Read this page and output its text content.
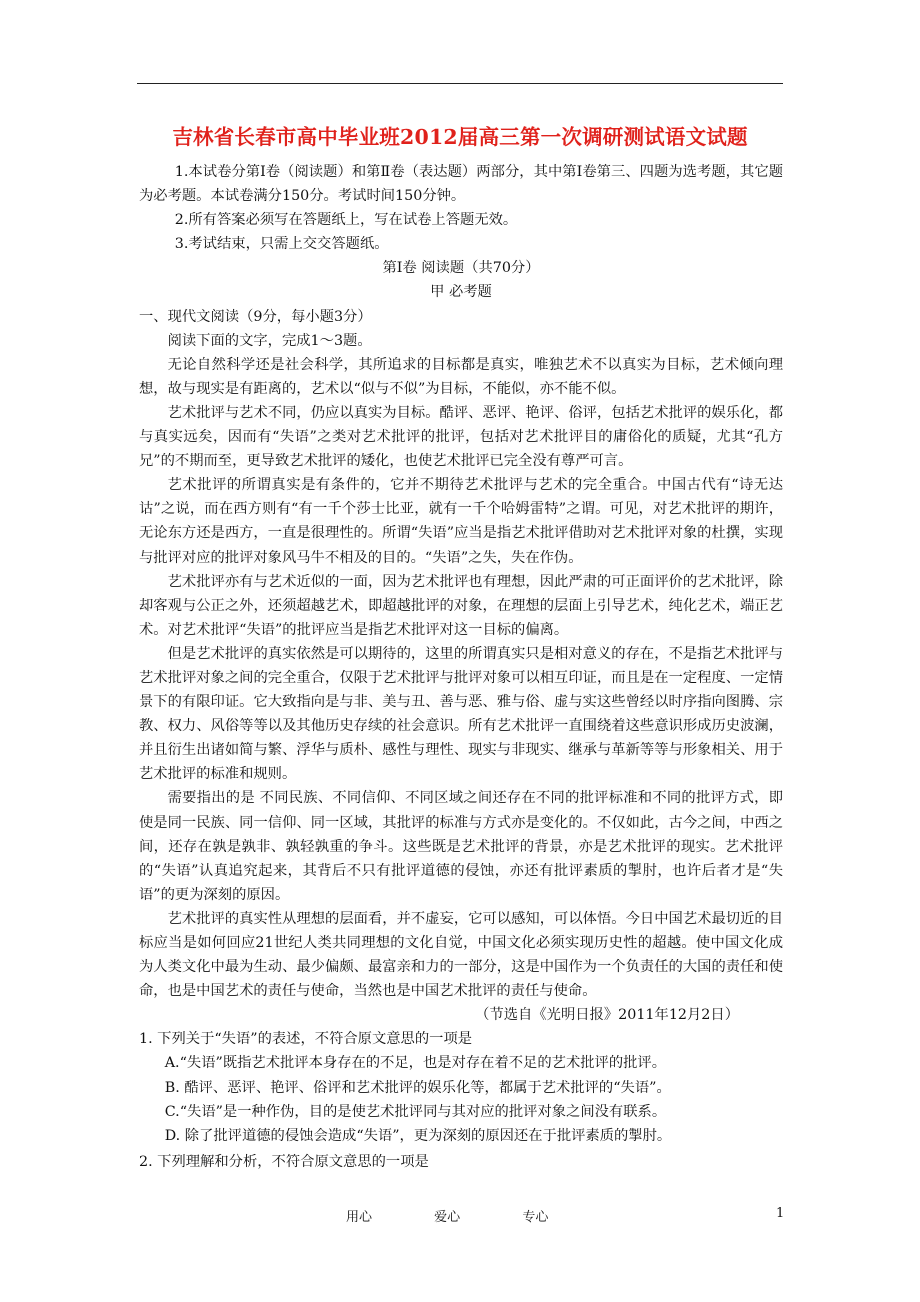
吉林省长春市高中毕业班2012届高三第一次调研测试语文试题

1.本试卷分第Ⅰ卷（阅读题）和第Ⅱ卷（表达题）两部分，其中第Ⅰ卷第三、四题为选考题，其它题为必考题。本试卷满分150分。考试时间150分钟。

2.所有答案必须写在答题纸上，写在试卷上答题无效。

3.考试结束，只需上交交答题纸。

第Ⅰ卷 阅读题（共70分）

甲 必考题

一、现代文阅读（9分，每小题3分）

阅读下面的文字，完成1～3题。

无论自然科学还是社会科学，其所追求的目标都是真实，唯独艺术不以真实为目标，艺术倾向理想，故与现实是有距离的，艺术以“似与不似”为目标，不能似，亦不能不似。

艺术批评与艺术不同，仍应以真实为目标。酷评、恶评、艳评、俗评，包括艺术批评的娱乐化，都与真实远矣，因而有“失语”之类对艺术批评的批评，包括对艺术批评目的庸俗化的质疑，尤其“孔方兄”的不期而至，更导致艺术批评的矮化，也使艺术批评已完全没有尊严可言。

艺术批评的所谓真实是有条件的，它并不期待艺术批评与艺术的完全重合。中国古代有“诗无达诂”之说，而在西方则有“有一千个莎士比亚，就有一千个哈姆雷特”之谓。可见，对艺术批评的期许，无论东方还是西方，一直是很理性的。所谓“失语”应当是指艺术批评借助对艺术批评对象的杜撰，实现与批评对应的批评对象风马牛不相及的目的。“失语”之失，失在作伪。

艺术批评亦有与艺术近似的一面，因为艺术批评也有理想，因此严肃的可正面评价的艺术批评，除却客观与公正之外，还须超越艺术，即超越批评的对象，在理想的层面上引导艺术，纯化艺术，端正艺术。对艺术批评“失语”的批评应当是指艺术批评对这一目标的偏离。

但是艺术批评的真实依然是可以期待的，这里的所谓真实只是相对意义的存在，不是指艺术批评与艺术批评对象之间的完全重合，仅限于艺术批评与批评对象可以相互印证，而且是在一定程度、一定情景下的有限印证。它大致指向是与非、美与丑、善与恶、雅与俗、虚与实这些曾经以时序指向图腾、宗教、权力、风俗等等以及其他历史存续的社会意识。所有艺术批评一直围绕着这些意识形成历史波澜，并且衍生出诸如简与繁、浮华与质朴、感性与理性、现实与非现实、继承与革新等等与形象相关、用于艺术批评的标准和规则。

需要指出的是 不同民族、不同信仰、不同区域之间还存在不同的批评标准和不同的批评方式，即使是同一民族、同一信仰、同一区域，其批评的标准与方式亦是变化的。不仅如此，古今之间，中西之间，还存在孰是孰非、孰轻孰重的争斗。这些既是艺术批评的背景，亦是艺术批评的现实。艺术批评的“失语”认真追究起来，其背后不只有批评道德的侵蚀，亦还有批评素质的掣肘，也许后者才是“失语”的更为深刻的原因。

艺术批评的真实性从理想的层面看，并不虚妄，它可以感知，可以体悟。今日中国艺术最切近的目标应当是如何回应21世纪人类共同理想的文化自觉，中国文化必须实现历史性的超越。使中国文化成为人类文化中最为生动、最少偏颇、最富亲和力的一部分，这是中国作为一个负责任的大国的责任和使命，也是中国艺术的责任与使命，当然也是中国艺术批评的责任与使命。

（节选自《光明日报》2011年12月2日）

1. 下列关于“失语”的表述，不符合原文意思的一项是

A.“失语”既指艺术批评本身存在的不足，也是对存在着不足的艺术批评的批评。

B. 酷评、恶评、艳评、俗评和艺术批评的娱乐化等，都属于艺术批评的“失语”。

C.“失语”是一种作伪，目的是使艺术批评同与其对应的批评对象之间没有联系。

D. 除了批评道德的侵蚀会造成“失语”，更为深刻的原因还在于批评素质的掣肘。

2. 下列理解和分析，不符合原文意思的一项是

用心	爱心	专心	1
